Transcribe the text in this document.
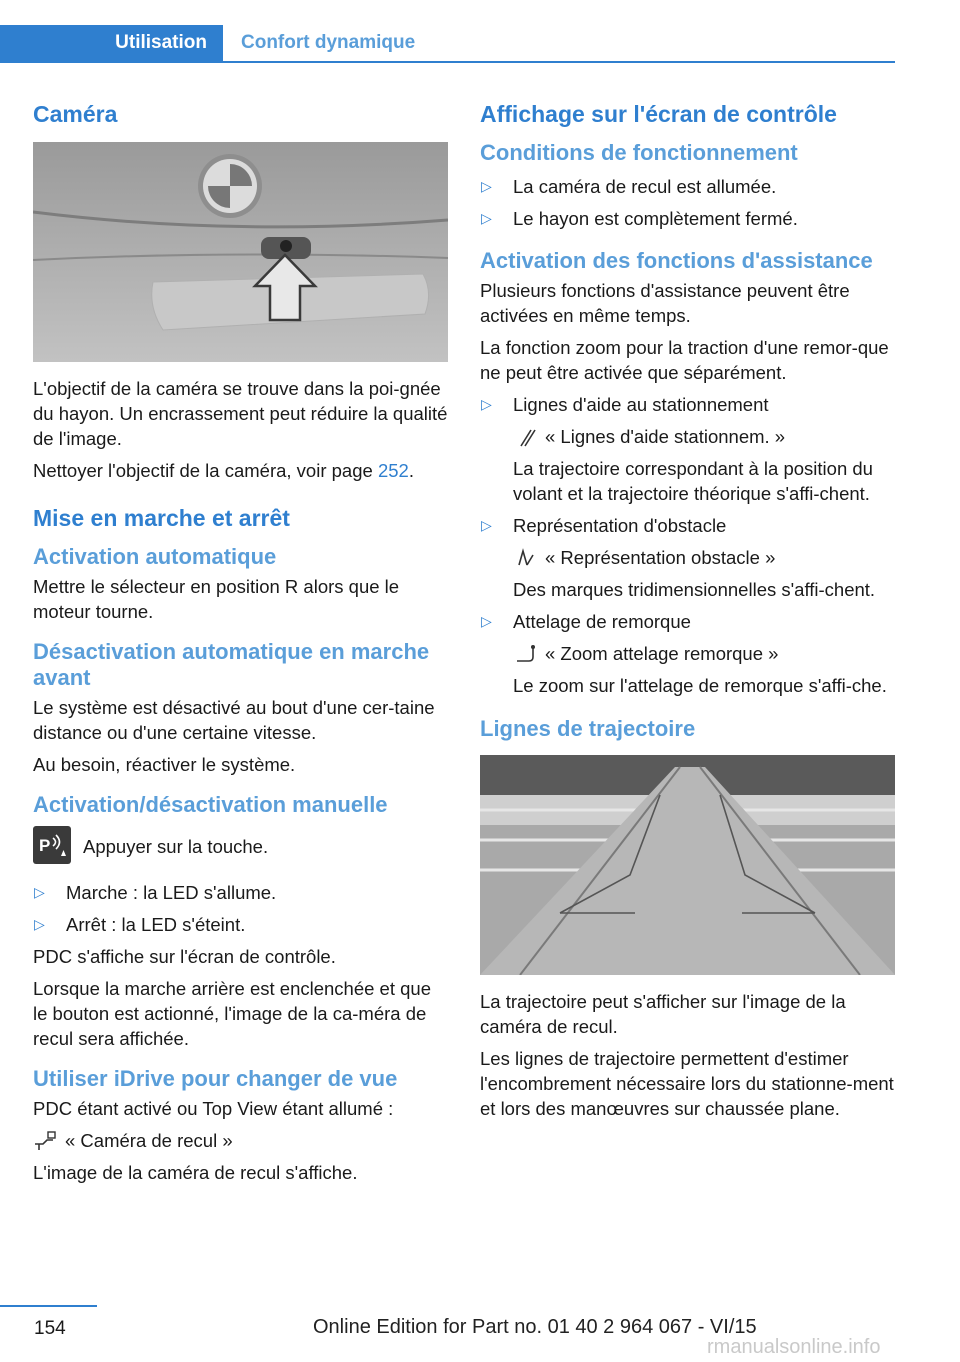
Utilisation	Confort dynamique
Caméra

L'objectif de la caméra se trouve dans la poi‐gnée du hayon. Un encrassement peut réduire la qualité de l'image.

Nettoyer l'objectif de la caméra, voir page 252.

Mise en marche et arrêt
Activation automatique

Mettre le sélecteur en position R alors que le moteur tourne.

Désactivation automatique en marche avant

Le système est désactivé au bout d'une cer‐taine distance ou d'une certaine vitesse.

Au besoin, réactiver le système.

Activation/désactivation manuelle
P Appuyer sur la touche.

▷ Marche : la LED s'allume.
▷ Arrêt : la LED s'éteint.

PDC s'affiche sur l'écran de contrôle.

Lorsque la marche arrière est enclenchée et que le bouton est actionné, l'image de la ca‐méra de recul sera affichée.

Utiliser iDrive pour changer de vue

PDC étant activé ou Top View étant allumé :

« Caméra de recul »

L'image de la caméra de recul s'affiche.

Affichage sur l'écran de contrôle
Conditions de fonctionnement
▷ La caméra de recul est allumée.
▷ Le hayon est complètement fermé.
Activation des fonctions d'assistance

Plusieurs fonctions d'assistance peuvent être activées en même temps.

La fonction zoom pour la traction d'une remor‐que ne peut être activée que séparément.

▷ Lignes d'aide au stationnement
« Lignes d'aide stationnem. »
La trajectoire correspondant à la position du volant et la trajectoire théorique s'affi‐chent.
▷ Représentation d'obstacle
« Représentation obstacle »
Des marques tridimensionnelles s'affi‐chent.
▷ Attelage de remorque
« Zoom attelage remorque »
Le zoom sur l'attelage de remorque s'affi‐che.
Lignes de trajectoire

La trajectoire peut s'afficher sur l'image de la caméra de recul.

Les lignes de trajectoire permettent d'estimer l'encombrement nécessaire lors du stationne‐ment et lors des manœuvres sur chaussée plane.

154	Online Edition for Part no. 01 40 2 964 067 - VI/15
rmanualsonline.info
